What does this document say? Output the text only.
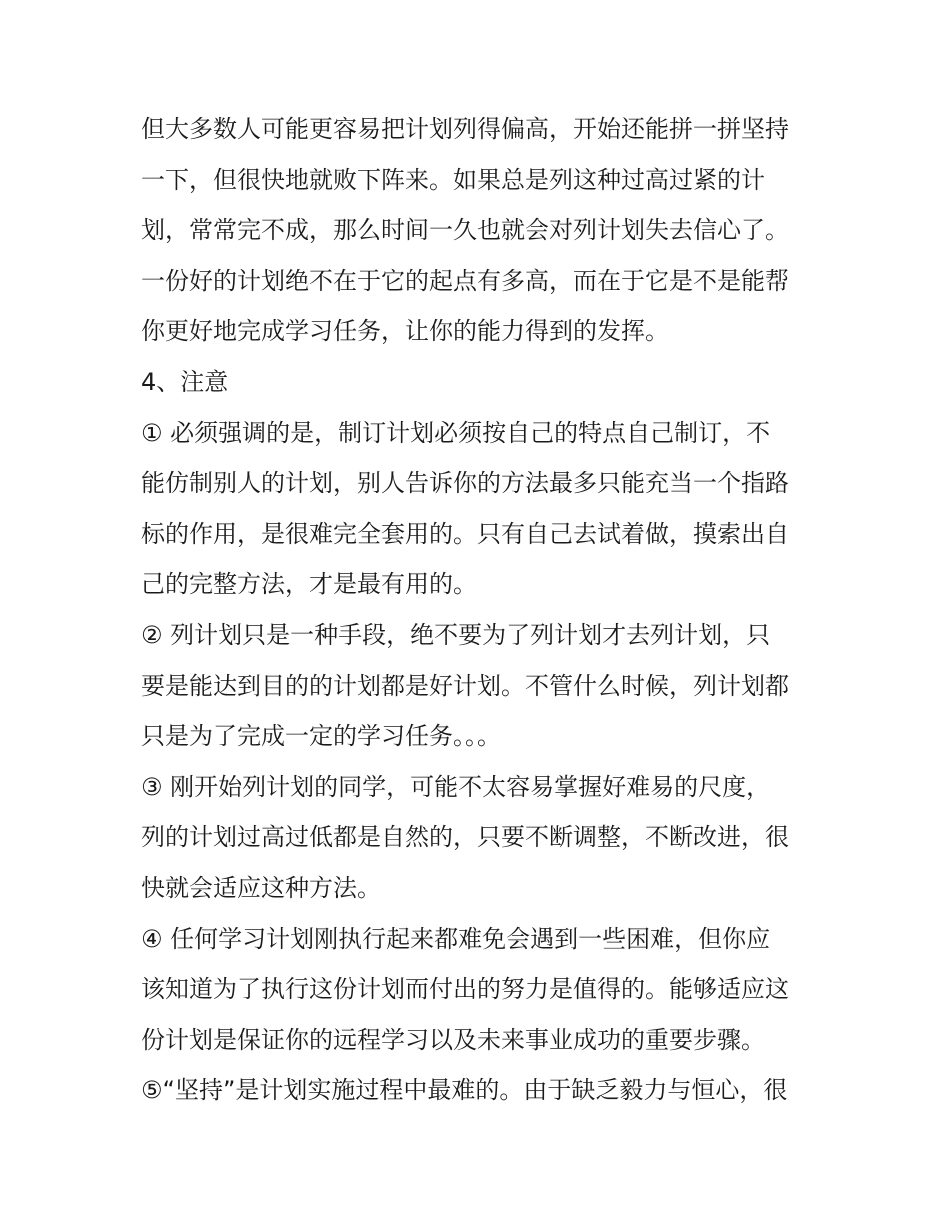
但大多数人可能更容易把计划列得偏高，开始还能拼一拼坚持
一下，但很快地就败下阵来。如果总是列这种过高过紧的计
划，常常完不成，那么时间一久也就会对列计划失去信心了。
一份好的计划绝不在于它的起点有多高，而在于它是不是能帮
你更好地完成学习任务，让你的能力得到的发挥。
4、注意
① 必须强调的是，制订计划必须按自己的特点自己制订，不
能仿制别人的计划，别人告诉你的方法最多只能充当一个指路
标的作用，是很难完全套用的。只有自己去试着做，摸索出自
己的完整方法，才是最有用的。
② 列计划只是一种手段，绝不要为了列计划才去列计划，只
要是能达到目的的计划都是好计划。不管什么时候，列计划都
只是为了完成一定的学习任务。。。
③ 刚开始列计划的同学，可能不太容易掌握好难易的尺度，
列的计划过高过低都是自然的，只要不断调整，不断改进，很
快就会适应这种方法。
④ 任何学习计划刚执行起来都难免会遇到一些困难，但你应
该知道为了执行这份计划而付出的努力是值得的。能够适应这
份计划是保证你的远程学习以及未来事业成功的重要步骤。
⑤“坚持”是计划实施过程中最难的。由于缺乏毅力与恒心，很
